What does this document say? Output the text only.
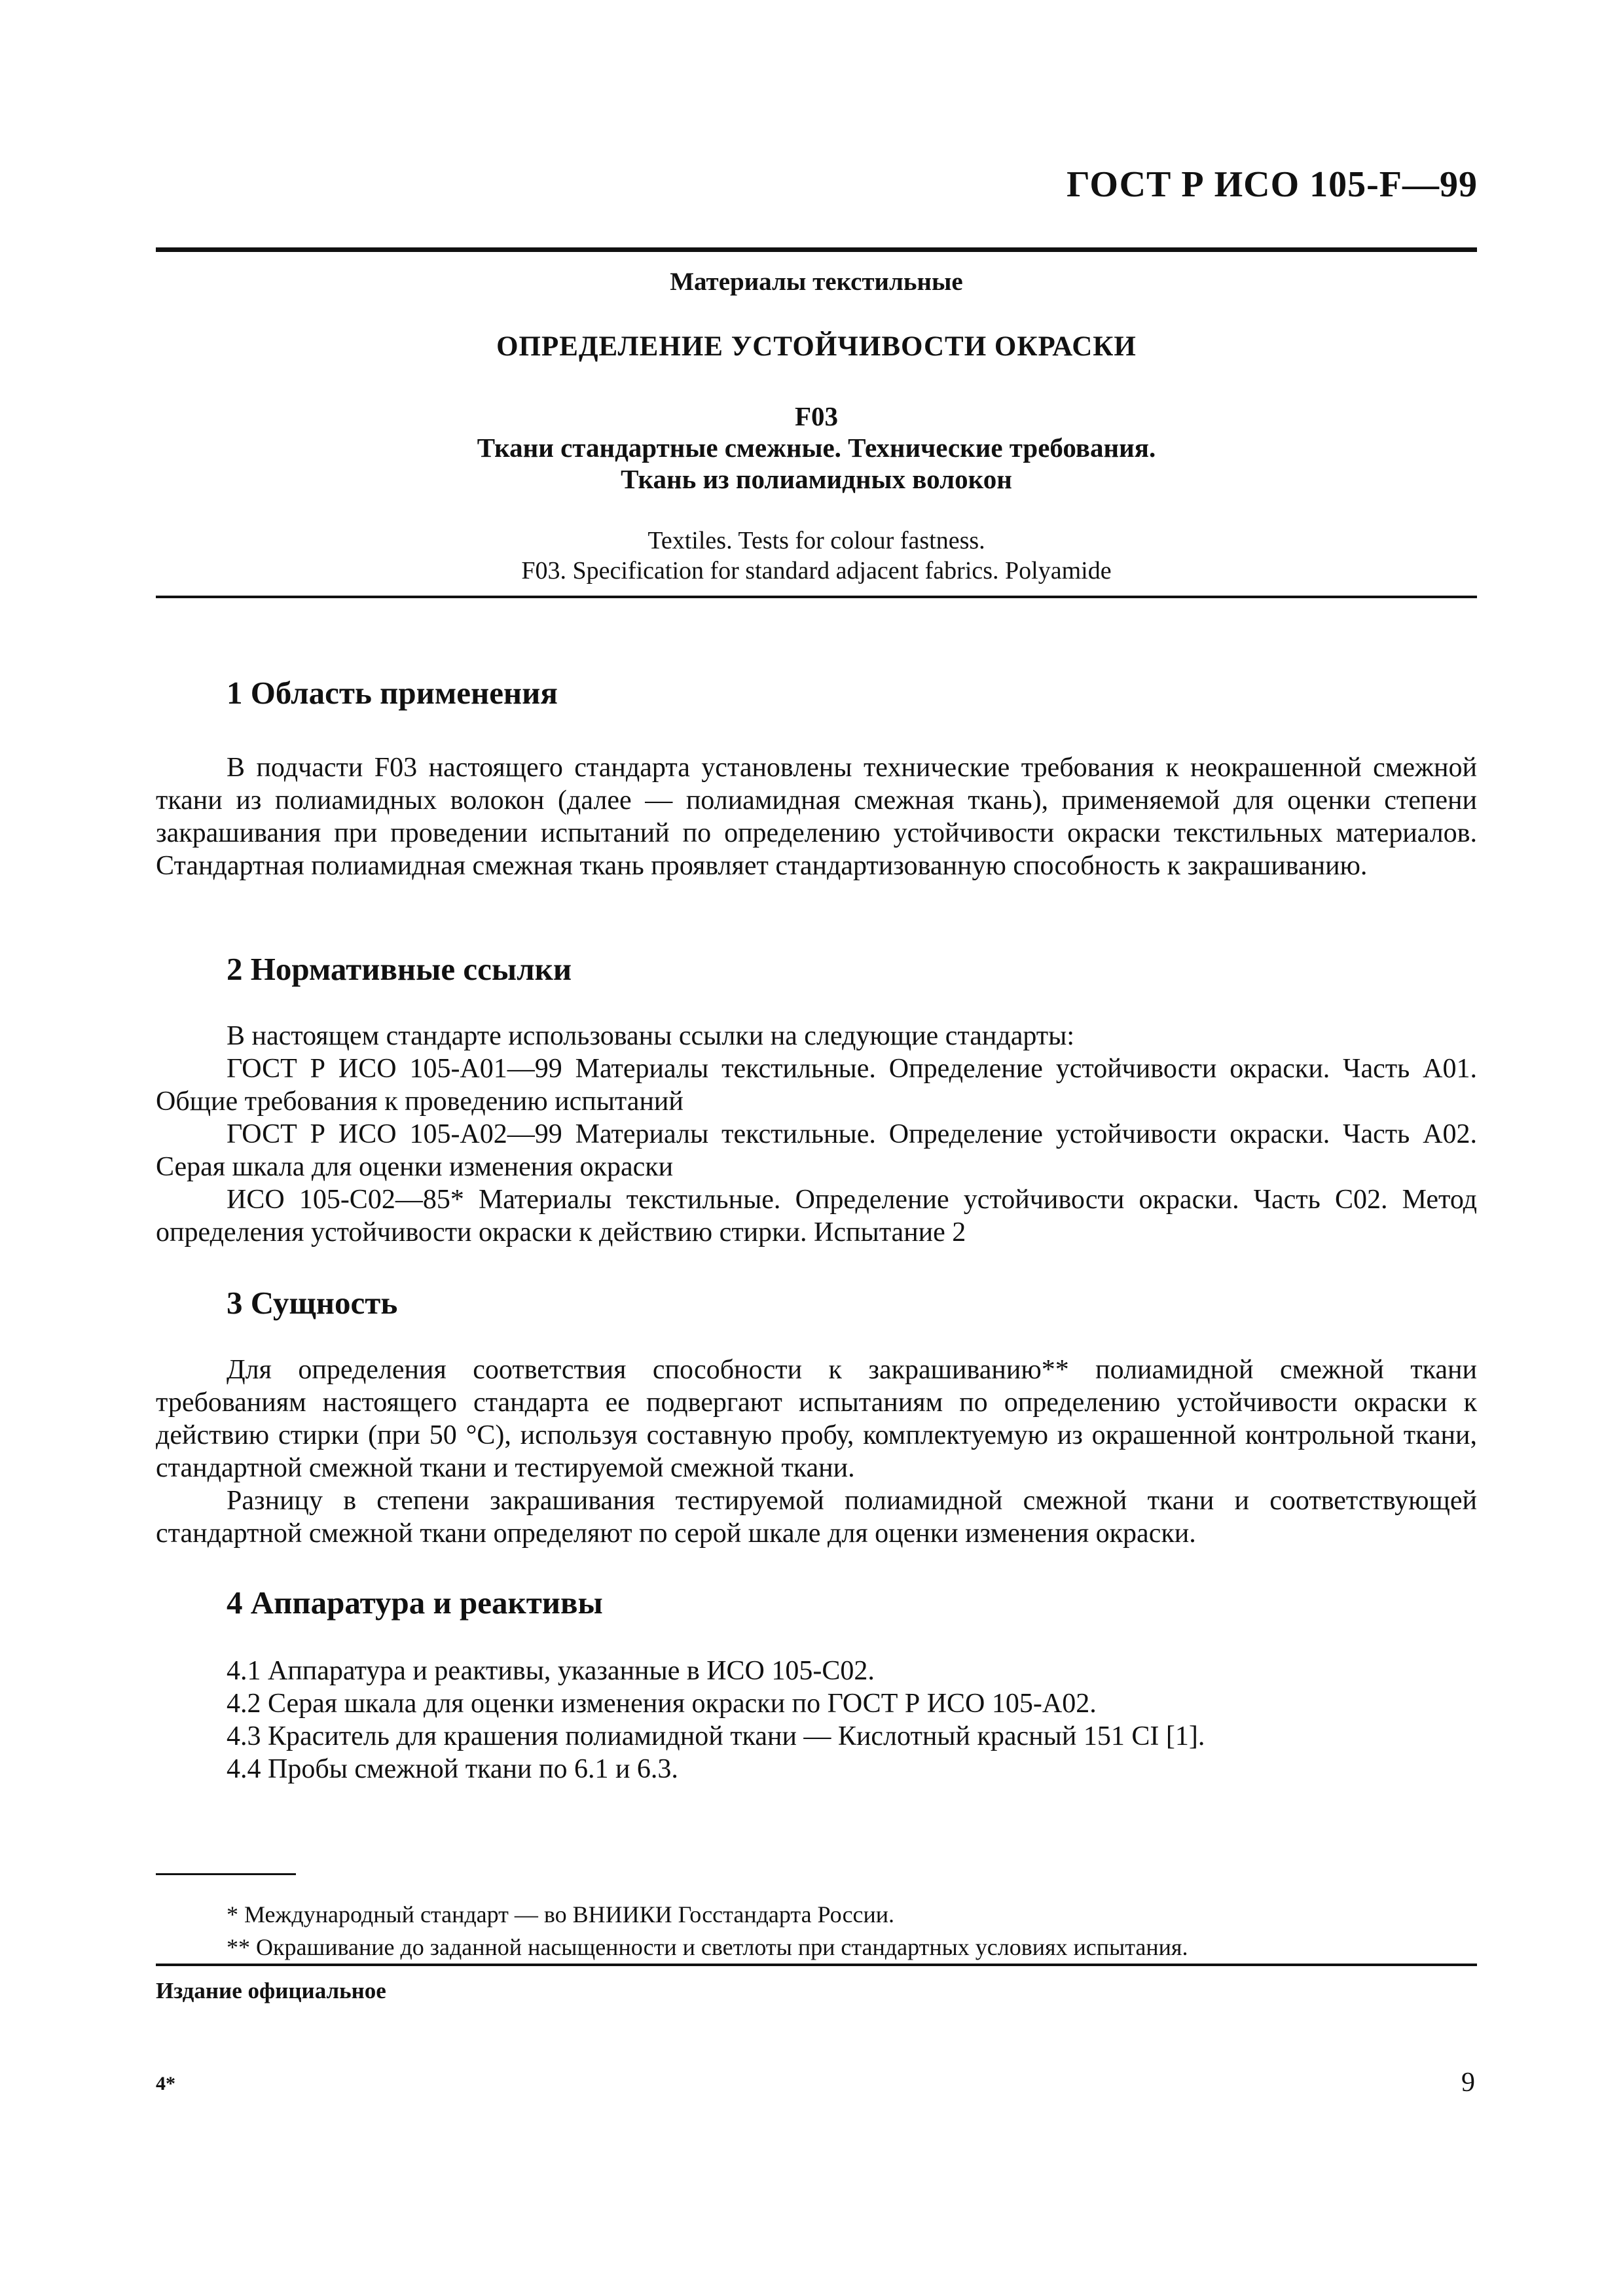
ГОСТ Р ИСО 105-F—99
Материалы текстильные
ОПРЕДЕЛЕНИЕ УСТОЙЧИВОСТИ ОКРАСКИ
F03
Ткани стандартные смежные. Технические требования.
Ткань из полиамидных волокон
Textiles. Tests for colour fastness.
F03. Specification for standard adjacent fabrics. Polyamide
1 Область применения

В подчасти F03 настоящего стандарта установлены технические требования к неокрашенной смежной ткани из полиамидных волокон (далее — полиамидная смежная ткань), применяемой для оценки степени закрашивания при проведении испытаний по определению устойчивости окраски текстильных материалов. Стандартная полиамидная смежная ткань проявляет стандартизованную способность к закрашиванию.

2 Нормативные ссылки

В настоящем стандарте использованы ссылки на следующие стандарты:

ГОСТ Р ИСО 105-А01—99 Материалы текстильные. Определение устойчивости окраски. Часть А01. Общие требования к проведению испытаний

ГОСТ Р ИСО 105-А02—99 Материалы текстильные. Определение устойчивости окраски. Часть А02. Серая шкала для оценки изменения окраски

ИСО 105-С02—85* Материалы текстильные. Определение устойчивости окраски. Часть С02. Метод определения устойчивости окраски к действию стирки. Испытание 2

3 Сущность

Для определения соответствия способности к закрашиванию** полиамидной смежной ткани требованиям настоящего стандарта ее подвергают испытаниям по определению устойчивости окраски к действию стирки (при 50 °С), используя составную пробу, комплектуемую из окрашенной контрольной ткани, стандартной смежной ткани и тестируемой смежной ткани.

Разницу в степени закрашивания тестируемой полиамидной смежной ткани и соответствующей стандартной смежной ткани определяют по серой шкале для оценки изменения окраски.

4 Аппаратура и реактивы
4.1 Аппаратура и реактивы, указанные в ИСО 105-С02.
4.2 Серая шкала для оценки изменения окраски по ГОСТ Р ИСО 105-А02.
4.3 Краситель для крашения полиамидной ткани — Кислотный красный 151 CI [1].
4.4 Пробы смежной ткани по 6.1 и 6.3.
* Международный стандарт — во ВНИИКИ Госстандарта России.
** Окрашивание до заданной насыщенности и светлоты при стандартных условиях испытания.
Издание официальное
4*	9
